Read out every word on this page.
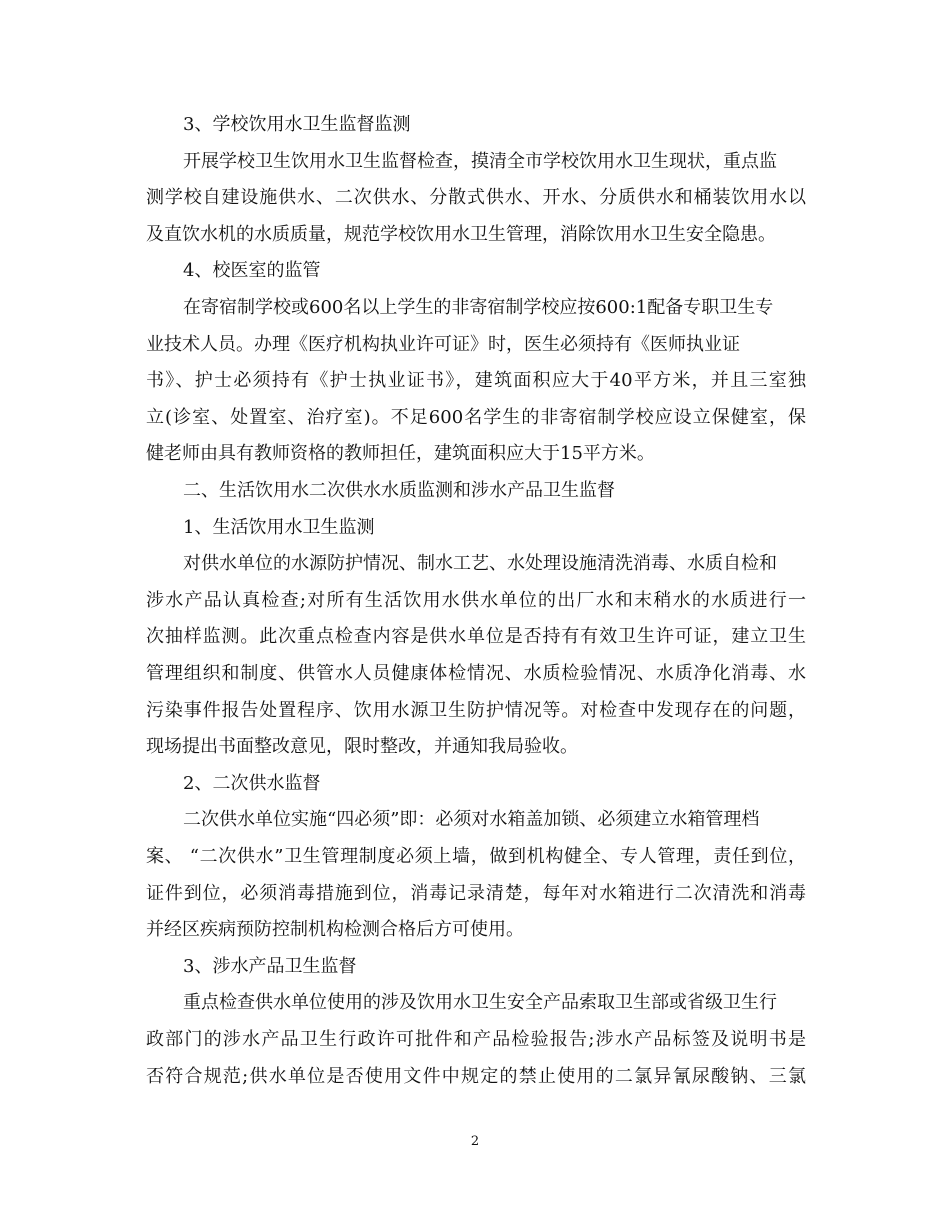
3、学校饮用水卫生监督监测
开展学校卫生饮用水卫生监督检查，摸清全市学校饮用水卫生现状，重点监
测学校自建设施供水、二次供水、分散式供水、开水、分质供水和桶装饮用水以
及直饮水机的水质质量，规范学校饮用水卫生管理，消除饮用水卫生安全隐患。
4、校医室的监管
在寄宿制学校或600名以上学生的非寄宿制学校应按600:1配备专职卫生专
业技术人员。办理《医疗机构执业许可证》时，医生必须持有《医师执业证
书》、护士必须持有《护士执业证书》，建筑面积应大于40平方米，并且三室独
立(诊室、处置室、治疗室)。不足600名学生的非寄宿制学校应设立保健室，保
健老师由具有教师资格的教师担任，建筑面积应大于15平方米。
二、生活饮用水二次供水水质监测和涉水产品卫生监督
1、生活饮用水卫生监测
对供水单位的水源防护情况、制水工艺、水处理设施清洗消毒、水质自检和
涉水产品认真检查;对所有生活饮用水供水单位的出厂水和末稍水的水质进行一
次抽样监测。此次重点检查内容是供水单位是否持有有效卫生许可证，建立卫生
管理组织和制度、供管水人员健康体检情况、水质检验情况、水质净化消毒、水
污染事件报告处置程序、饮用水源卫生防护情况等。对检查中发现存在的问题，
现场提出书面整改意见，限时整改，并通知我局验收。
2、二次供水监督
二次供水单位实施“四必须”即：必须对水箱盖加锁、必须建立水箱管理档
案、 “二次供水”卫生管理制度必须上墙，做到机构健全、专人管理，责任到位，
证件到位，必须消毒措施到位，消毒记录清楚，每年对水箱进行二次清洗和消毒
并经区疾病预防控制机构检测合格后方可使用。
3、涉水产品卫生监督
重点检查供水单位使用的涉及饮用水卫生安全产品索取卫生部或省级卫生行
政部门的涉水产品卫生行政许可批件和产品检验报告;涉水产品标签及说明书是
否符合规范;供水单位是否使用文件中规定的禁止使用的二氯异氰尿酸钠、三氯
2
